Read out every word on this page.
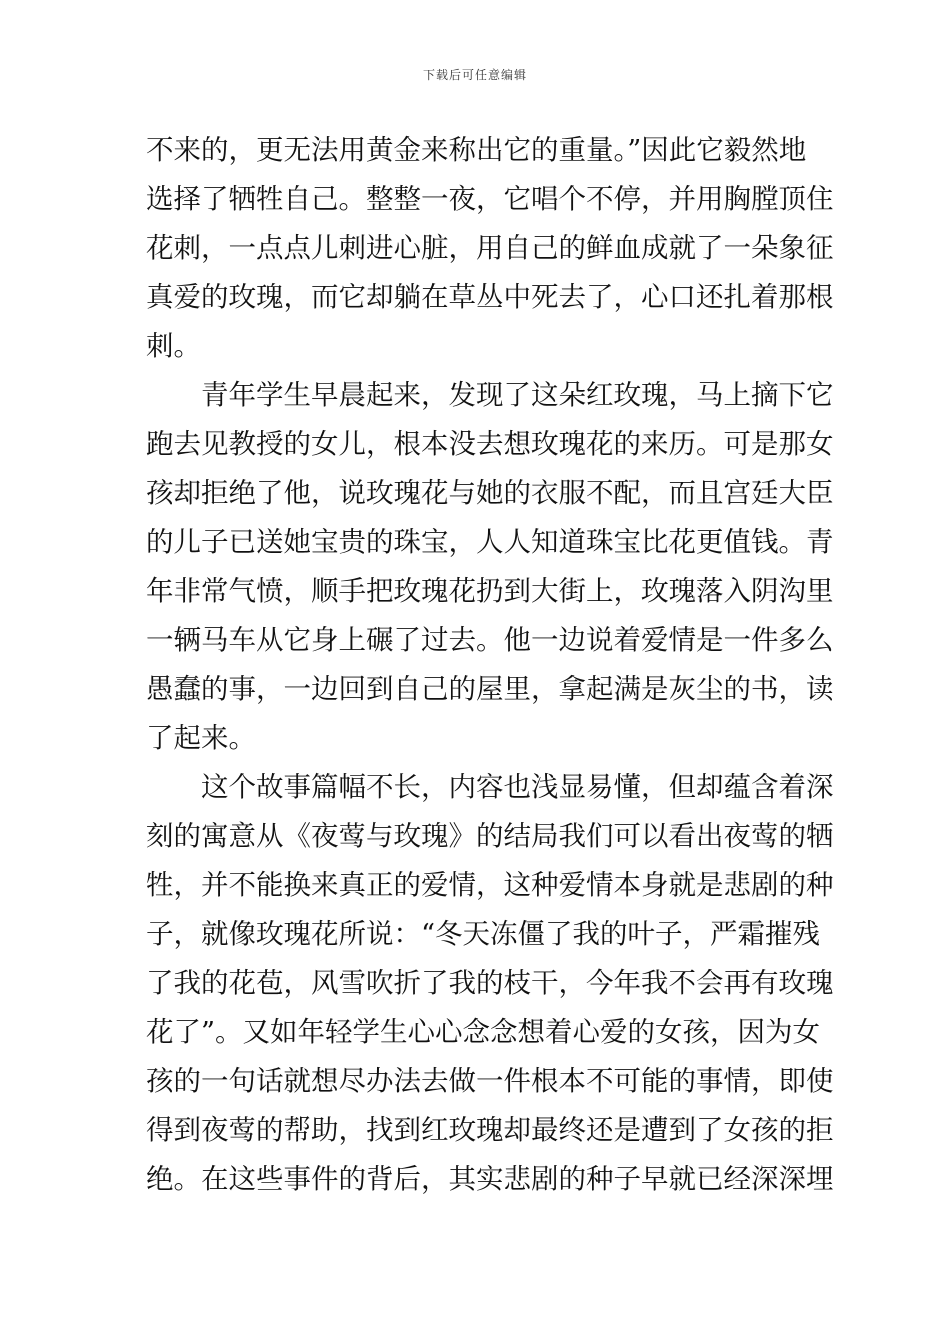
下载后可任意编辑
不来的，更无法用黄金来称出它的重量。”因此它毅然地
选择了牺牲自己。整整一夜，它唱个不停，并用胸膛顶住
花刺，一点点儿刺进心脏，用自己的鲜血成就了一朵象征
真爱的玫瑰，而它却躺在草丛中死去了，心口还扎着那根
刺。
青年学生早晨起来，发现了这朵红玫瑰，马上摘下它
跑去见教授的女儿，根本没去想玫瑰花的来历。可是那女
孩却拒绝了他，说玫瑰花与她的衣服不配，而且宫廷大臣
的儿子已送她宝贵的珠宝，人人知道珠宝比花更值钱。青
年非常气愤，顺手把玫瑰花扔到大街上，玫瑰落入阴沟里
一辆马车从它身上碾了过去。他一边说着爱情是一件多么
愚蠢的事，一边回到自己的屋里，拿起满是灰尘的书，读
了起来。
这个故事篇幅不长，内容也浅显易懂，但却蕴含着深
刻的寓意从《夜莺与玫瑰》的结局我们可以看出夜莺的牺
牲，并不能换来真正的爱情，这种爱情本身就是悲剧的种
子，就像玫瑰花所说：“冬天冻僵了我的叶子，严霜摧残
了我的花苞，风雪吹折了我的枝干，今年我不会再有玫瑰
花了”。又如年轻学生心心念念想着心爱的女孩，因为女
孩的一句话就想尽办法去做一件根本不可能的事情，即使
得到夜莺的帮助，找到红玫瑰却最终还是遭到了女孩的拒
绝。在这些事件的背后，其实悲剧的种子早就已经深深埋
